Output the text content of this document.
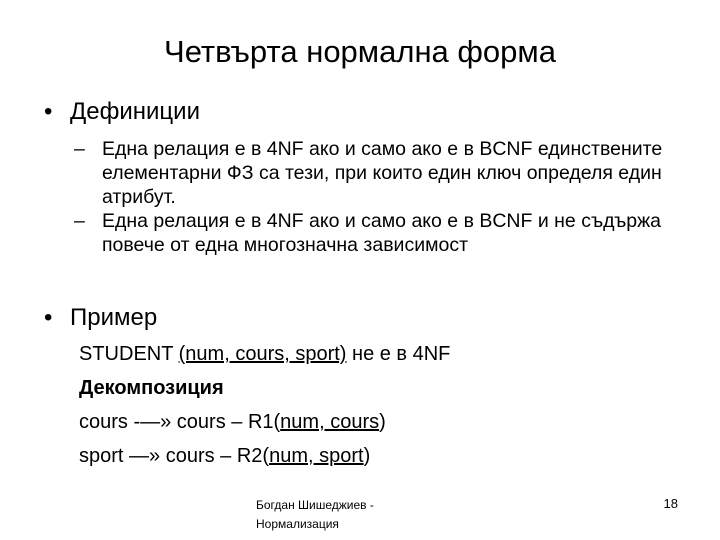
Четвърта нормална форма
• Дефиниции
– Една релация е в 4NF ако и само ако е в BCNF единствените елементарни ФЗ са тези, при които един ключ определя един атрибут.
– Една релация е в 4NF ако и само ако е в BCNF и не съдържа повече от една многозначна зависимост
• Пример
STUDENT (num, cours, sport) не е в 4NF
Декомпозиция
cours -—» cours – R1(num, cours)
sport —» cours – R2(num, sport)
Богдан Шишеджиев -
Нормализация
18
